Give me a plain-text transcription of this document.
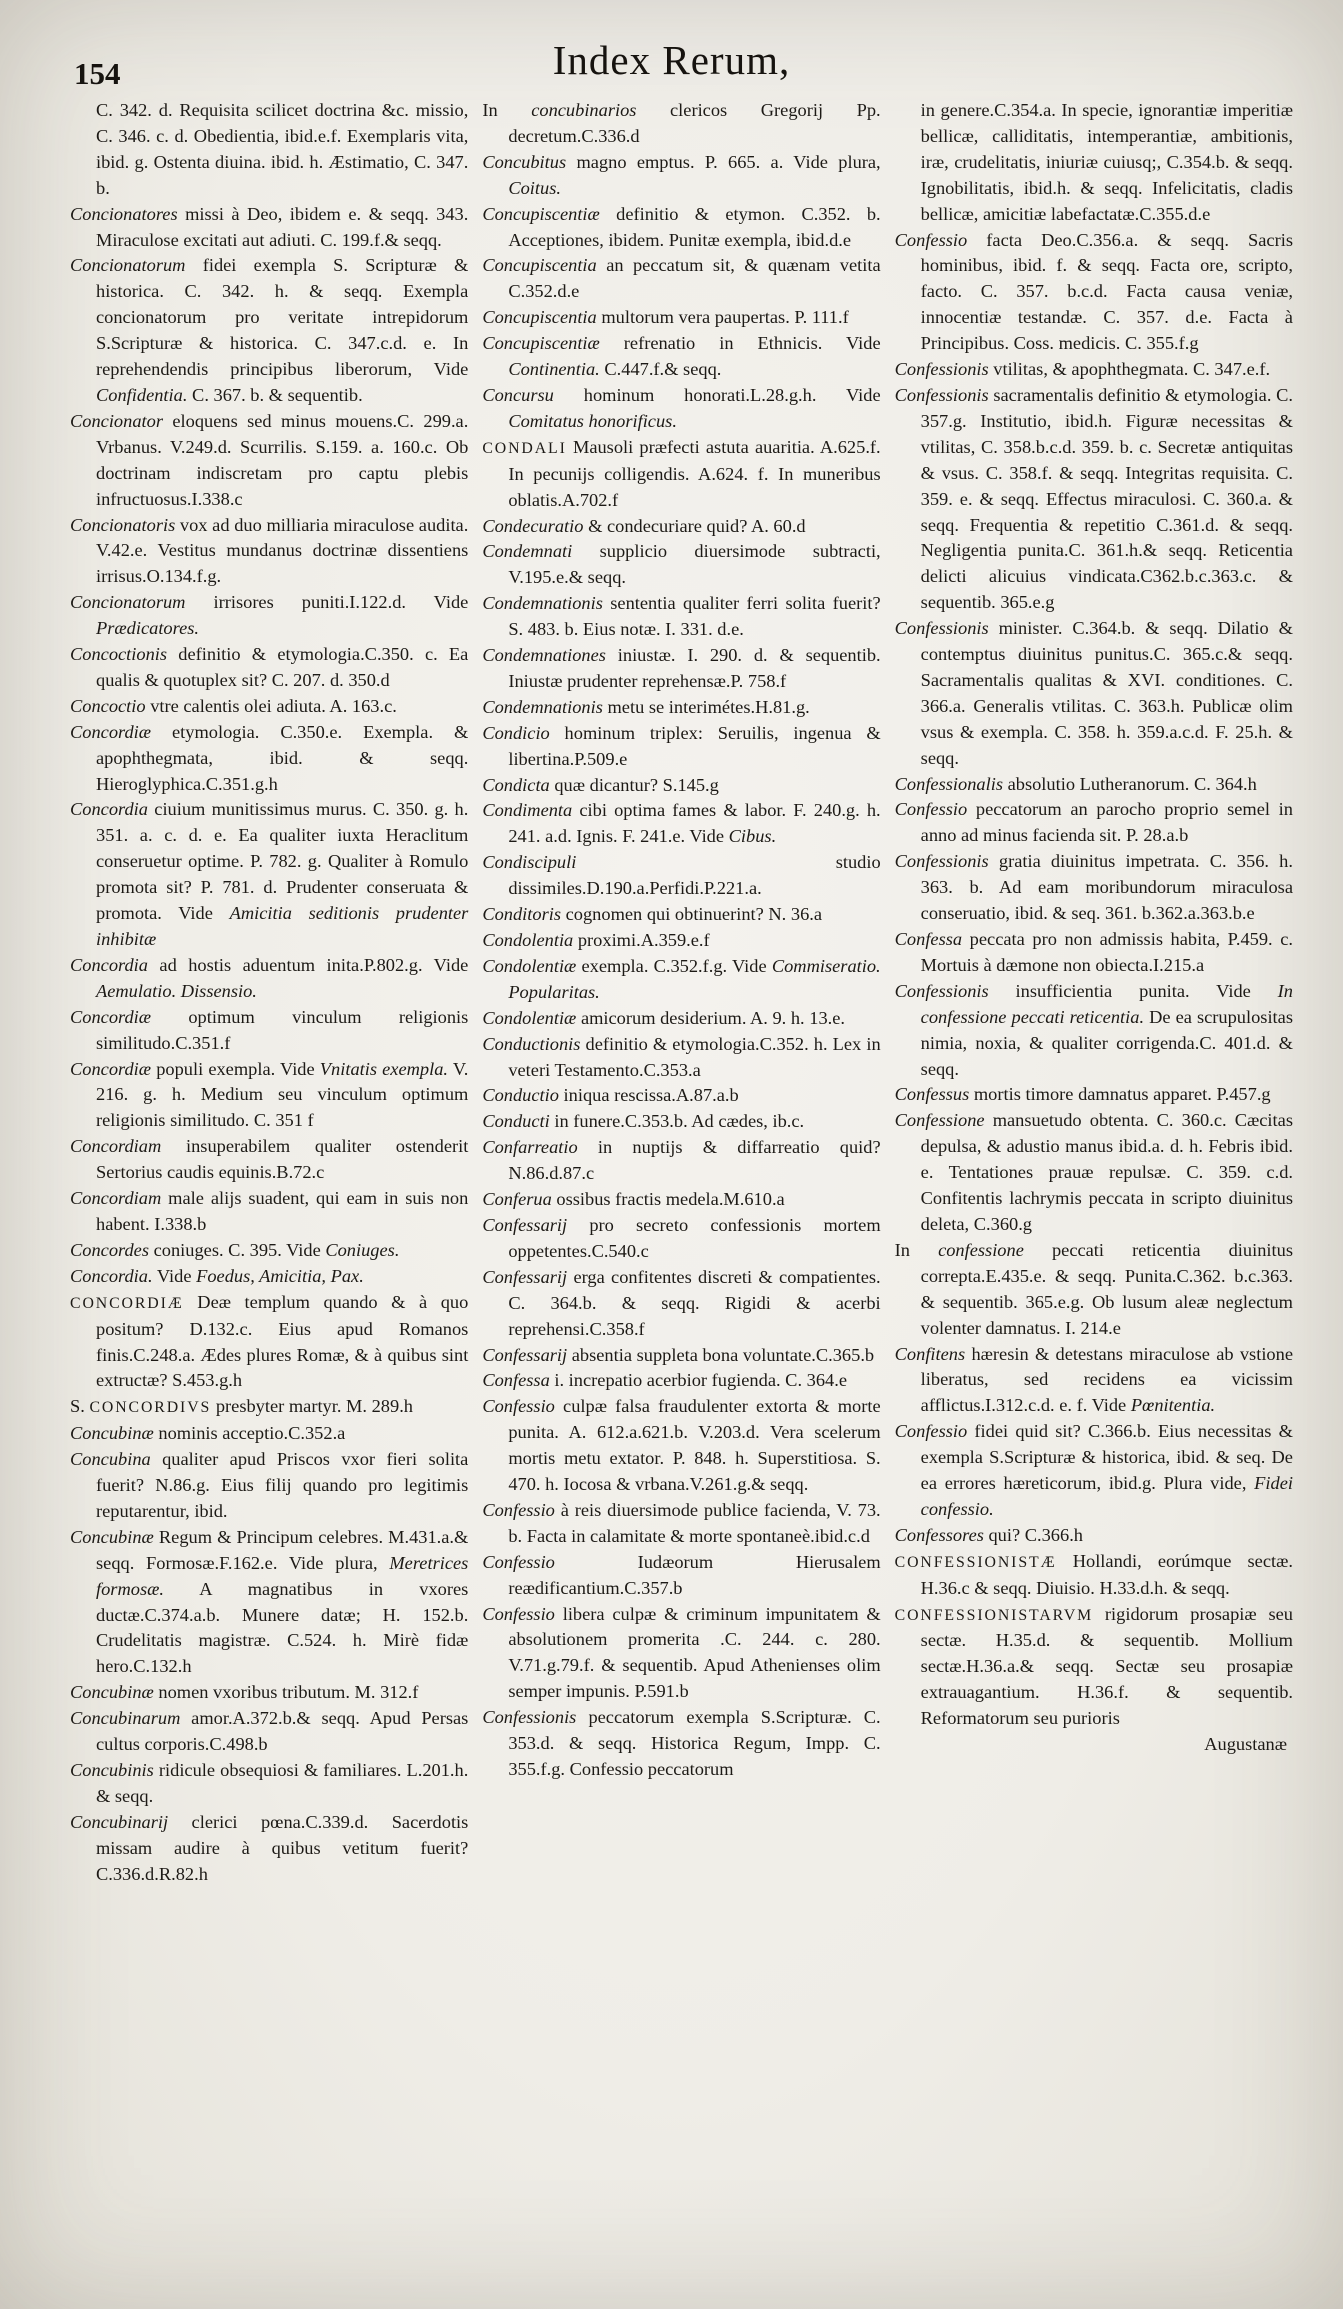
154	Index Rerum,

C. 342. d. Requisita scilicet doctrina &c. missio, C. 346. c. d. Obedientia, ibid.e.f. Exemplaris vita, ibid. g. Ostenta diuina. ibid. h. Æstimatio, C. 347. b.

Concionatores missi à Deo, ibidem e. & seqq. 343. Miraculose excitati aut adiuti. C. 199.f.& seqq.

Concionatorum fidei exempla S. Scripturæ & historica. C. 342. h. & seqq. Exempla concionatorum pro veritate intrepidorum S.Scripturæ & historica. C. 347.c.d. e. In reprehendendis principibus liberorum, Vide Confidentia. C. 367. b. & sequentib.

Concionator eloquens sed minus mouens.C. 299.a. Vrbanus. V.249.d. Scurrilis. S.159. a. 160.c. Ob doctrinam indiscretam pro captu plebis infructuosus.I.338.c

Concionatoris vox ad duo milliaria miraculose audita. V.42.e. Vestitus mundanus doctrinæ dissentiens irrisus.O.134.f.g.

Concionatorum irrisores puniti.I.122.d. Vide Prædicatores.

Concoctionis definitio & etymologia.C.350. c. Ea qualis & quotuplex sit? C. 207. d. 350.d

Concoctio vtre calentis olei adiuta. A. 163.c.

Concordiæ etymologia. C.350.e. Exempla. & apophthegmata, ibid. & seqq. Hieroglyphica.C.351.g.h

Concordia ciuium munitissimus murus. C. 350. g. h. 351. a. c. d. e. Ea qualiter iuxta Heraclitum conseruetur optime. P. 782. g. Qualiter à Romulo promota sit? P. 781. d. Prudenter conseruata & promota. Vide Amicitia seditionis prudenter inhibitæ

Concordia ad hostis aduentum inita.P.802.g. Vide Aemulatio. Dissensio.

Concordiæ optimum vinculum religionis similitudo.C.351.f

Concordiæ populi exempla. Vide Vnitatis exempla. V. 216. g. h. Medium seu vinculum optimum religionis similitudo. C. 351 f

Concordiam insuperabilem qualiter ostenderit Sertorius caudis equinis.B.72.c

Concordiam male alijs suadent, qui eam in suis non habent. I.338.b

Concordes coniuges. C. 395. Vide Coniuges.

Concordia. Vide Foedus, Amicitia, Pax.

CONCORDIÆ Deæ templum quando & à quo positum? D.132.c. Eius apud Romanos finis.C.248.a. Ædes plures Romæ, & à quibus sint extructæ? S.453.g.h

S. CONCORDIVS presbyter martyr. M. 289.h

Concubinæ nominis acceptio.C.352.a

Concubina qualiter apud Priscos vxor fieri solita fuerit? N.86.g. Eius filij quando pro legitimis reputarentur, ibid.

Concubinæ Regum & Principum celebres. M.431.a.& seqq. Formosæ.F.162.e. Vide plura, Meretrices formosæ. A magnatibus in vxores ductæ.C.374.a.b. Munere datæ; H. 152.b. Crudelitatis magistræ. C.524. h. Mirè fidæ hero.C.132.h

Concubinæ nomen vxoribus tributum. M. 312.f

Concubinarum amor.A.372.b.& seqq. Apud Persas cultus corporis.C.498.b

Concubinis ridicule obsequiosi & familiares. L.201.h. & seqq.

Concubinarij clerici pœna.C.339.d. Sacerdotis missam audire à quibus vetitum fuerit? C.336.d.R.82.h

In concubinarios clericos Gregorij Pp. decretum.C.336.d

Concubitus magno emptus. P. 665. a. Vide plura, Coitus.

Concupiscentiæ definitio & etymon. C.352. b. Acceptiones, ibidem. Punitæ exempla, ibid.d.e

Concupiscentia an peccatum sit, & quænam vetita C.352.d.e

Concupiscentia multorum vera paupertas. P. 111.f

Concupiscentiæ refrenatio in Ethnicis. Vide Continentia. C.447.f.& seqq.

Concursu hominum honorati.L.28.g.h. Vide Comitatus honorificus.

CONDALI Mausoli præfecti astuta auaritia. A.625.f. In pecunijs colligendis. A.624. f. In muneribus oblatis.A.702.f

Condecuratio & condecuriare quid? A. 60.d

Condemnati supplicio diuersimode subtracti, V.195.e.& seqq.

Condemnationis sententia qualiter ferri solita fuerit? S. 483. b. Eius notæ. I. 331. d.e.

Condemnationes iniustæ. I. 290. d. & sequentib. Iniustæ prudenter reprehensæ.P. 758.f

Condemnationis metu se interimétes.H.81.g.

Condicio hominum triplex: Seruilis, ingenua & libertina.P.509.e

Condicta quæ dicantur? S.145.g

Condimenta cibi optima fames & labor. F. 240.g. h. 241. a.d. Ignis. F. 241.e. Vide Cibus.

Condiscipuli studio dissimiles.D.190.a.Perfidi.P.221.a.

Conditoris cognomen qui obtinuerint? N. 36.a

Condolentia proximi.A.359.e.f

Condolentiæ exempla. C.352.f.g. Vide Commiseratio. Popularitas.

Condolentiæ amicorum desiderium. A. 9. h. 13.e.

Conductionis definitio & etymologia.C.352. h. Lex in veteri Testamento.C.353.a

Conductio iniqua rescissa.A.87.a.b

Conducti in funere.C.353.b. Ad cædes, ib.c.

Confarreatio in nuptijs & diffarreatio quid? N.86.d.87.c

Conferua ossibus fractis medela.M.610.a

Confessarij pro secreto confessionis mortem oppetentes.C.540.c

Confessarij erga confitentes discreti & compatientes. C. 364.b. & seqq. Rigidi & acerbi reprehensi.C.358.f

Confessarij absentia suppleta bona voluntate.C.365.b

Confessa i. increpatio acerbior fugienda. C. 364.e

Confessio culpæ falsa fraudulenter extorta & morte punita. A. 612.a.621.b. V.203.d. Vera scelerum mortis metu extator. P. 848. h. Superstitiosa. S. 470. h. Iocosa & vrbana.V.261.g.& seqq.

Confessio à reis diuersimode publice facienda, V. 73. b. Facta in calamitate & morte spontaneè.ibid.c.d

Confessio Iudæorum Hierusalem reædificantium.C.357.b

Confessio libera culpæ & criminum impunitatem & absolutionem promerita .C. 244. c. 280. V.71.g.79.f. & sequentib. Apud Athenienses olim semper impunis. P.591.b

Confessionis peccatorum exempla S.Scripturæ. C. 353.d. & seqq. Historica Regum, Impp. C. 355.f.g. Confessio peccatorum

in genere.C.354.a. In specie, ignorantiæ imperitiæ bellicæ, calliditatis, intemperantiæ, ambitionis, iræ, crudelitatis, iniuriæ cuiusq;, C.354.b. & seqq. Ignobilitatis, ibid.h. & seqq. Infelicitatis, cladis bellicæ, amicitiæ labefactatæ.C.355.d.e

Confessio facta Deo.C.356.a. & seqq. Sacris hominibus, ibid. f. & seqq. Facta ore, scripto, facto. C. 357. b.c.d. Facta causa veniæ, innocentiæ testandæ. C. 357. d.e. Facta à Principibus. Coss. medicis. C. 355.f.g

Confessionis vtilitas, & apophthegmata. C. 347.e.f.

Confessionis sacramentalis definitio & etymologia. C. 357.g. Institutio, ibid.h. Figuræ necessitas & vtilitas, C. 358.b.c.d. 359. b. c. Secretæ antiquitas & vsus. C. 358.f. & seqq. Integritas requisita. C. 359. e. & seqq. Effectus miraculosi. C. 360.a. & seqq. Frequentia & repetitio C.361.d. & seqq. Negligentia punita.C. 361.h.& seqq. Reticentia delicti alicuius vindicata.C362.b.c.363.c. & sequentib. 365.e.g

Confessionis minister. C.364.b. & seqq. Dilatio & contemptus diuinitus punitus.C. 365.c.& seqq. Sacramentalis qualitas & XVI. conditiones. C. 366.a. Generalis vtilitas. C. 363.h. Publicæ olim vsus & exempla. C. 358. h. 359.a.c.d. F. 25.h. & seqq.

Confessionalis absolutio Lutheranorum. C. 364.h

Confessio peccatorum an parocho proprio semel in anno ad minus facienda sit. P. 28.a.b

Confessionis gratia diuinitus impetrata. C. 356. h. 363. b. Ad eam moribundorum miraculosa conseruatio, ibid. & seq. 361. b.362.a.363.b.e

Confessa peccata pro non admissis habita, P.459. c. Mortuis à dæmone non obiecta.I.215.a

Confessionis insufficientia punita. Vide In confessione peccati reticentia. De ea scrupulositas nimia, noxia, & qualiter corrigenda.C. 401.d. & seqq.

Confessus mortis timore damnatus apparet. P.457.g

Confessione mansuetudo obtenta. C. 360.c. Cæcitas depulsa, & adustio manus ibid.a. d. h. Febris ibid. e. Tentationes prauæ repulsæ. C. 359. c.d. Confitentis lachrymis peccata in scripto diuinitus deleta, C.360.g

In confessione peccati reticentia diuinitus correpta.E.435.e. & seqq. Punita.C.362. b.c.363. & sequentib. 365.e.g. Ob lusum aleæ neglectum volenter damnatus. I. 214.e

Confitens hæresin & detestans miraculose ab vstione liberatus, sed recidens ea vicissim afflictus.I.312.c.d. e. f. Vide Pœnitentia.

Confessio fidei quid sit? C.366.b. Eius necessitas & exempla S.Scripturæ & historica, ibid. & seq. De ea errores hæreticorum, ibid.g. Plura vide, Fidei confessio.

Confessores qui? C.366.h

CONFESSIONISTÆ Hollandi, eorúmque sectæ. H.36.c & seqq. Diuisio. H.33.d.h. & seqq.

CONFESSIONISTARVM rigidorum prosapiæ seu sectæ. H.35.d. & sequentib. Mollium sectæ.H.36.a.& seqq. Sectæ seu prosapiæ extrauagantium. H.36.f. & sequentib. Reformatorum seu purioris

Augustanæ
